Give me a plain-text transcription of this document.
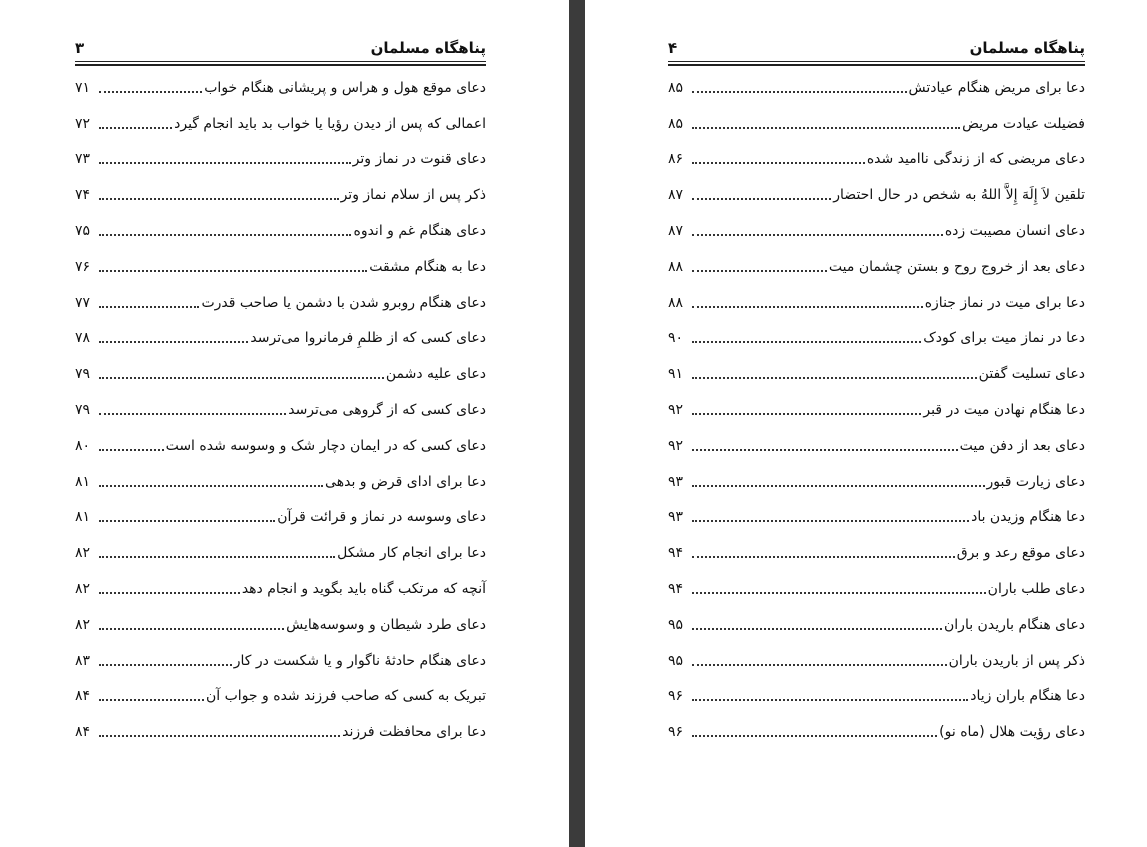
۳	پناهگاه مسلمان
دعای موقع هول و هراس و پریشانی هنگام خواب
۷۱
اعمالی که پس از دیدن رؤیا یا خواب بد باید انجام گیرد
۷۲
دعای قنوت در نماز وتر
۷۳
ذکر پس از سلام نماز وتر
۷۴
دعای هنگام غم و اندوه
۷۵
دعا به هنگام مشقت
۷۶
دعای هنگام روبرو شدن با دشمن یا صاحب قدرت
۷۷
دعای کسی که از ظلمِ فرمانروا می‌ترسد
۷۸
دعای علیه دشمن
۷۹
دعای کسی که از گروهی می‌ترسد
۷۹
دعای کسی که در ایمان دچار شک و وسوسه شده است
۸۰
دعا برای ادای قرض و بدهی
۸۱
دعای وسوسه در نماز و قرائت قرآن
۸۱
دعا برای انجام کار مشکل
۸۲
آنچه که مرتکب گناه باید بگوید و انجام دهد
۸۲
دعای طرد شیطان و وسوسه‌هایش
۸۲
دعای هنگام حادثهٔ ناگوار و یا شکست در کار
۸۳
تبریک به کسی که صاحب فرزند شده و جواب آن
۸۴
دعا برای محافظت فرزند
۸۴
۴	پناهگاه مسلمان
دعا برای مریض هنگام عیادتش
۸۵
فضیلت عیادت مریض
۸۵
دعای مریضی که از زندگی ناامید شده
۸۶
تلقین لاَ إِلَهَ إِلاَّ اللهُ به شخص در حال احتضار
۸۷
دعای انسان مصیبت زده
۸۷
دعای بعد از خروج روح و بستن چشمان میت
۸۸
دعا برای میت در نماز جنازه
۸۸
دعا در نماز میت برای کودک
۹۰
دعای تسلیت گفتن
۹۱
دعا هنگام نهادن میت در قبر
۹۲
دعای بعد از دفن میت
۹۲
دعای زیارت قبور
۹۳
دعا هنگام وزیدن باد
۹۳
دعای موقع رعد و برق
۹۴
دعای طلب باران
۹۴
دعای هنگام باریدن باران
۹۵
ذکر پس از باریدن باران
۹۵
دعا هنگام باران زیاد
۹۶
دعای رؤیت هلال (ماه نو)
۹۶
